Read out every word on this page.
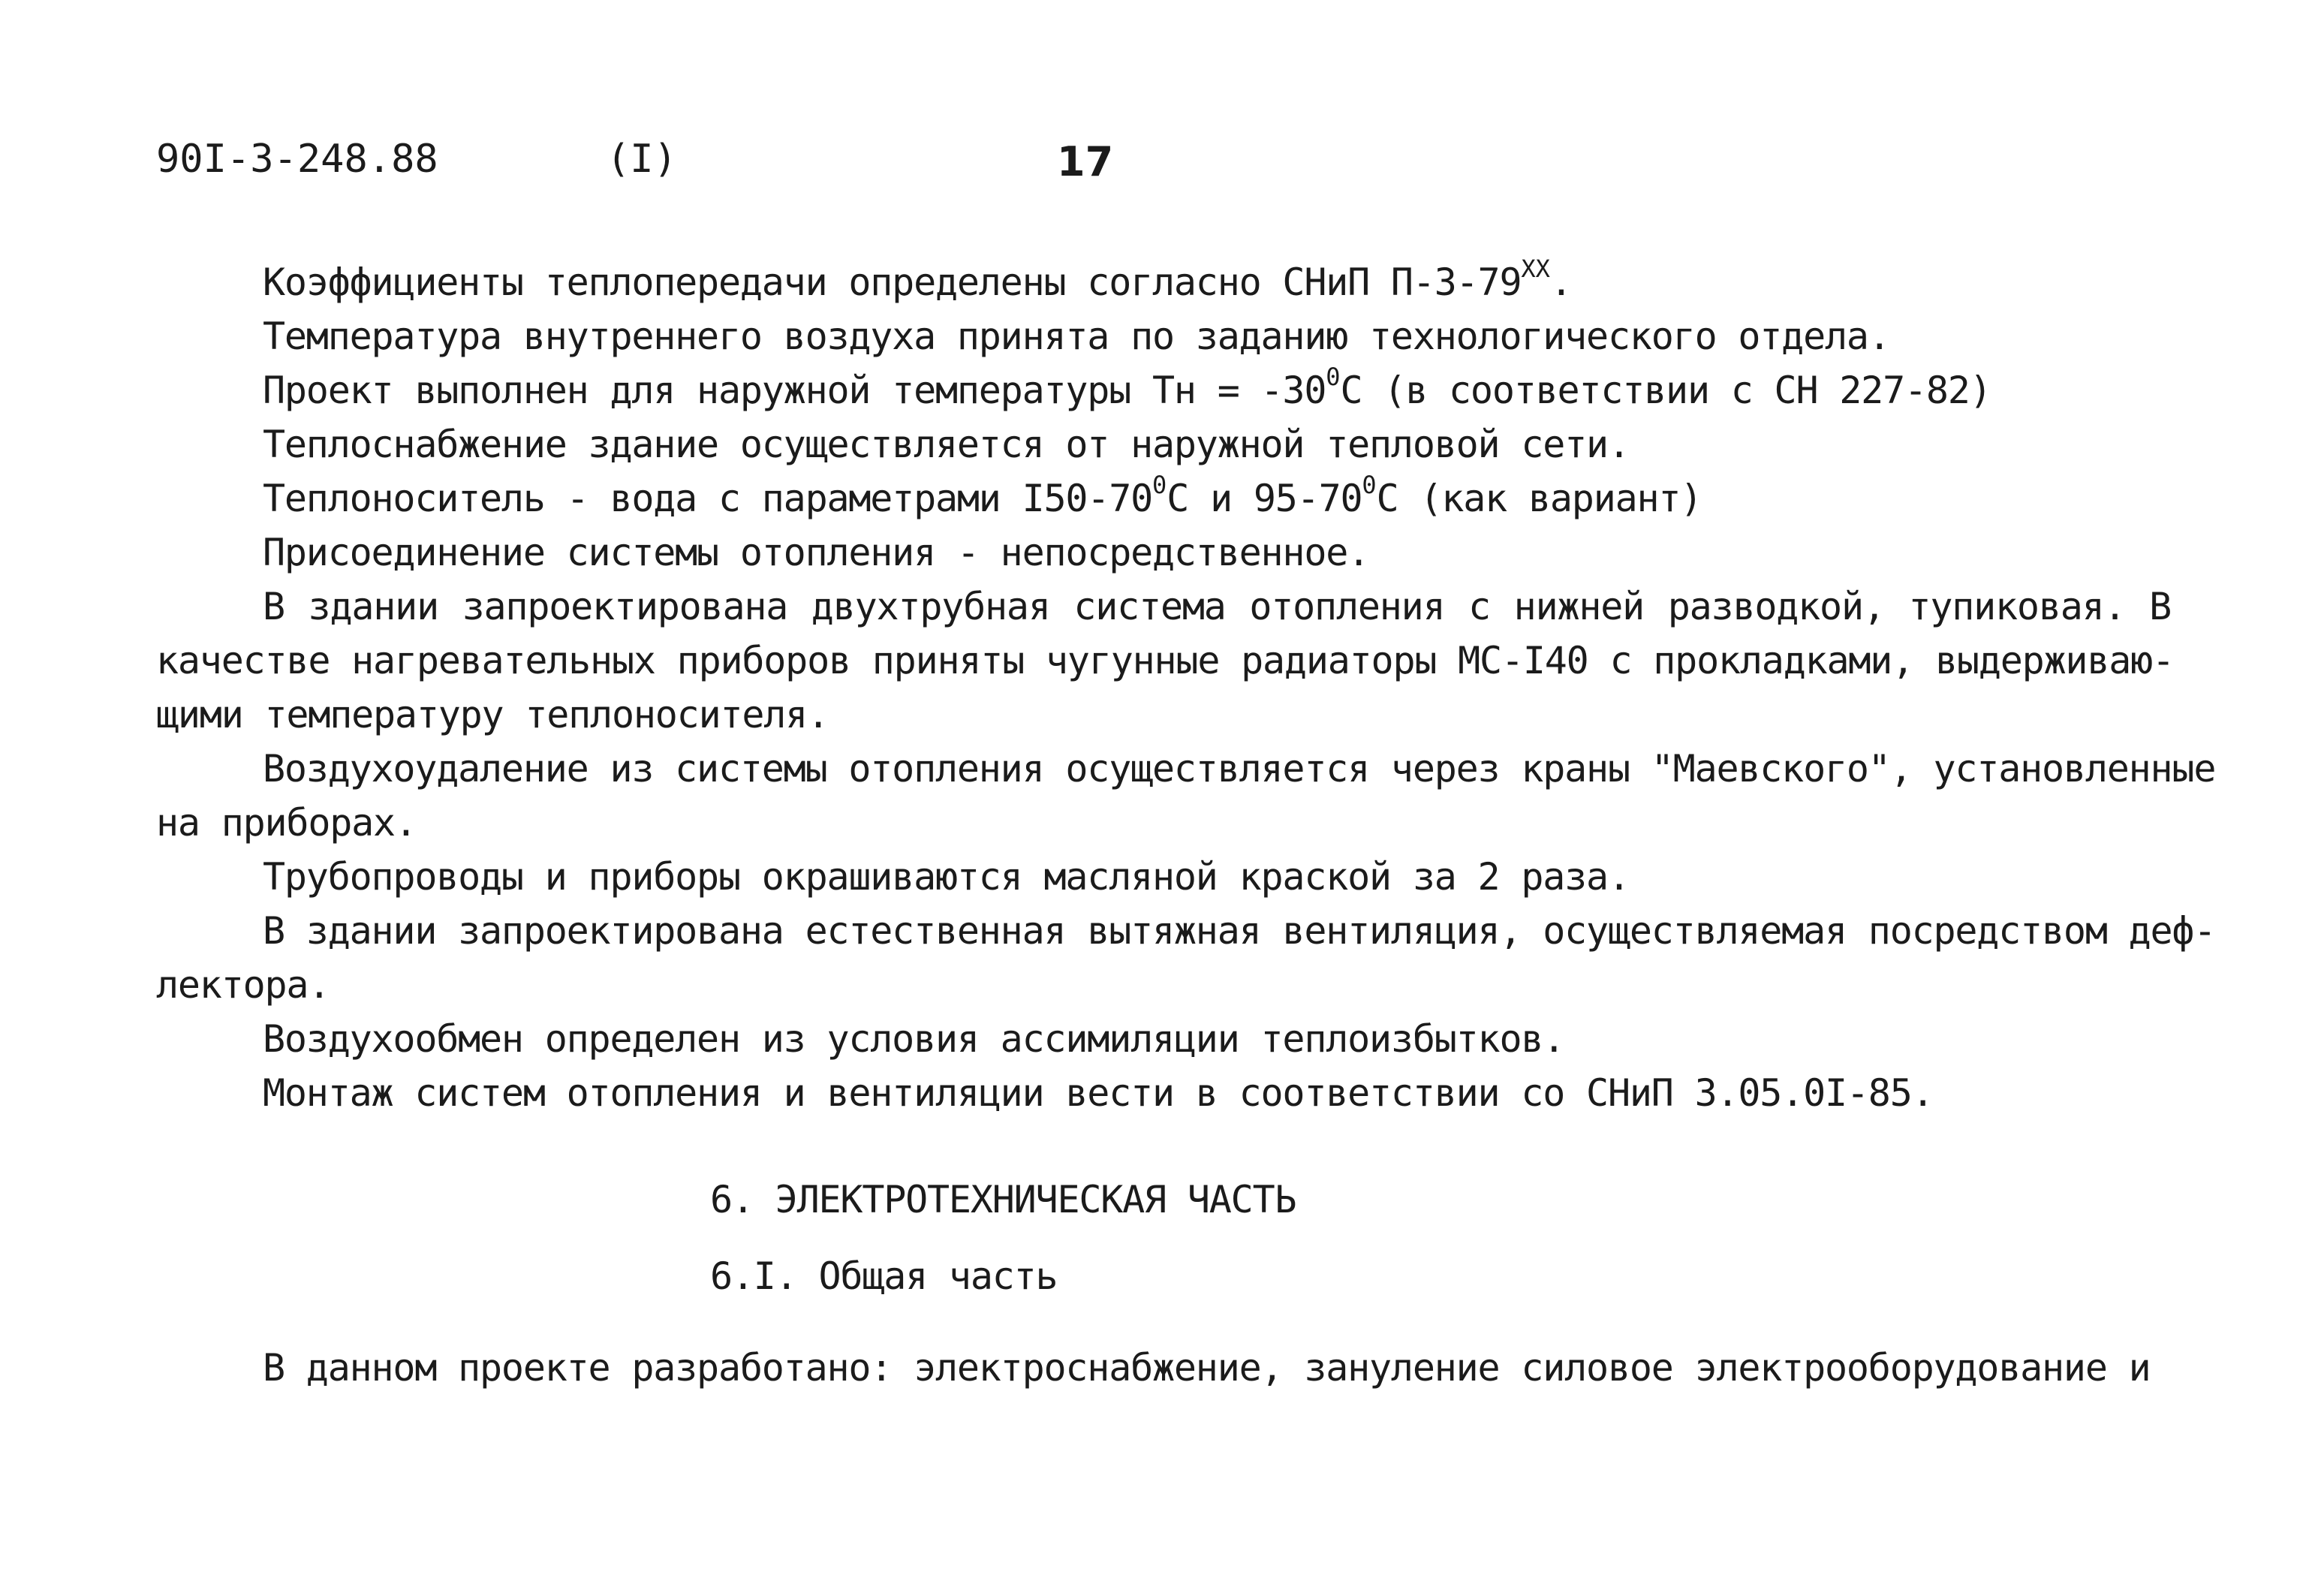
90I-3-248.88	(I)	17
Коэффициенты теплопередачи определены согласно СНиП $П-3-79^{XX}$.
Температура внутреннего воздуха принята по заданию технологического отдела.
Проект выполнен для наружной температуры Тн = $-30^0С$ (в соответствии с СН 227-82)
Теплоснабжение здание осуществляется от наружной тепловой сети.
Теплоноситель - вода с параметрами $I50-70^0С$ и $95-70^0С$ (как вариант)
Присоединение системы отопления - непосредственное.
В здании запроектирована двухтрубная система отопления с нижней разводкой, тупиковая. В
качестве нагревательных приборов приняты чугунные радиаторы МС-I40 с прокладками, выдерживаю-
щими температуру теплоносителя.
Воздухоудаление из системы отопления осуществляется через краны "Маевского", установленные
на приборах.
Трубопроводы и приборы окрашиваются масляной краской за 2 раза.
В здании запроектирована естественная вытяжная вентиляция, осуществляемая посредством деф-
лектора.
Воздухообмен определен из условия ассимиляции теплоизбытков.
Монтаж систем отопления и вентиляции вести в соответствии со СНиП 3.05.0I-85.
6. ЭЛЕКТРОТЕХНИЧЕСКАЯ ЧАСТЬ
6.I. Общая часть
В данном проекте разработано: электроснабжение, зануление силовое электрооборудование и
